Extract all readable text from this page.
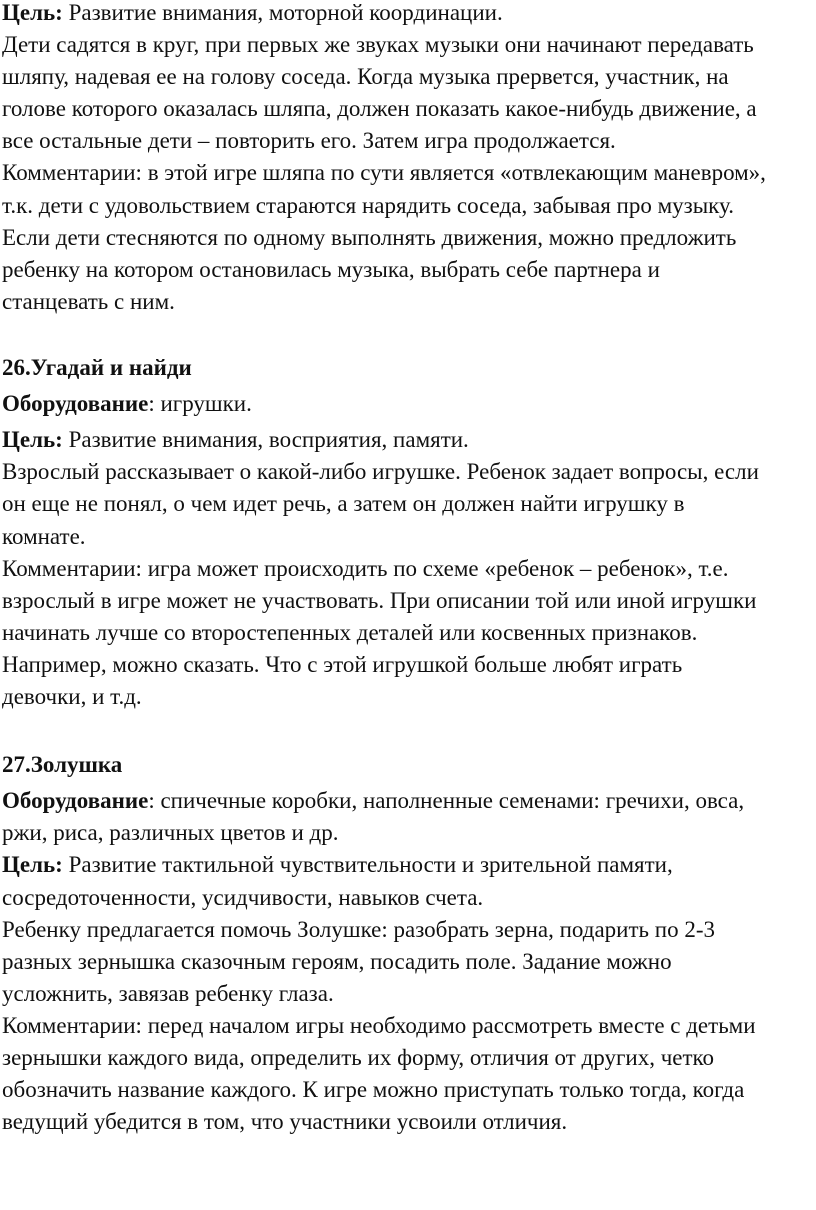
Цель: Развитие внимания, моторной координации.
Дети садятся в круг, при первых же звуках музыки они начинают передавать
шляпу, надевая ее на голову соседа. Когда музыка прервется, участник, на
голове которого оказалась шляпа, должен показать какое-нибудь движение, а
все остальные дети – повторить его. Затем игра продолжается.
Комментарии: в этой игре шляпа по сути является «отвлекающим маневром»,
т.к. дети с удовольствием стараются нарядить соседа, забывая про музыку.
Если дети стесняются по одному выполнять движения, можно предложить
ребенку на котором остановилась музыка, выбрать себе партнера и
станцевать с ним.
26.Угадай и найди
Оборудование: игрушки.
Цель: Развитие внимания, восприятия, памяти.
Взрослый рассказывает о какой-либо игрушке. Ребенок задает вопросы, если
он еще не понял, о чем идет речь, а затем он должен найти игрушку в
комнате.
Комментарии: игра может происходить по схеме «ребенок – ребенок», т.е.
взрослый в игре может не участвовать. При описании той или иной игрушки
начинать лучше со второстепенных деталей или косвенных признаков.
Например, можно сказать. Что с этой игрушкой больше любят играть
девочки, и т.д.
27.Золушка
Оборудование: спичечные коробки, наполненные семенами: гречихи, овса,
ржи, риса, различных цветов и др.
Цель: Развитие тактильной чувствительности и зрительной памяти,
сосредоточенности, усидчивости, навыков счета.
Ребенку предлагается помочь Золушке: разобрать зерна, подарить по 2-3
разных зернышка сказочным героям, посадить поле. Задание можно
усложнить, завязав ребенку глаза.
Комментарии: перед началом игры необходимо рассмотреть вместе с детьми
зернышки каждого вида, определить их форму, отличия от других, четко
обозначить название каждого. К игре можно приступать только тогда, когда
ведущий убедится в том, что участники усвоили отличия.
